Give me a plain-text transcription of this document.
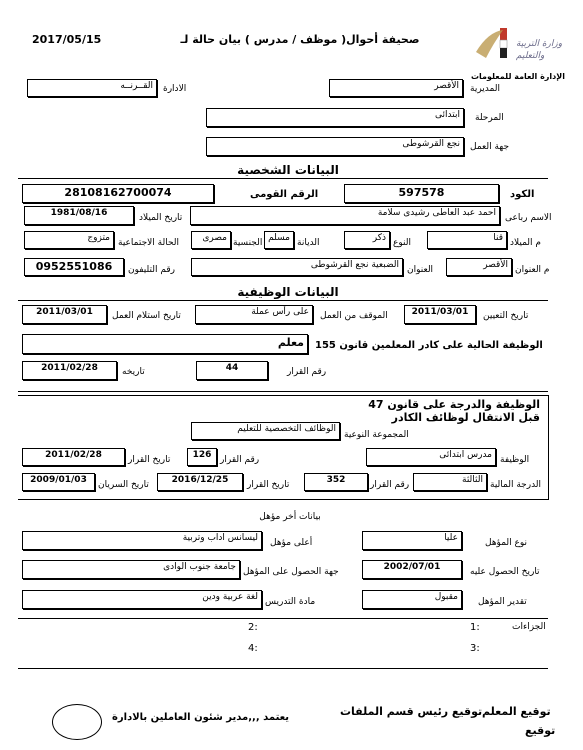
2017/05/15	صحيفة أحوال( موظف / مدرس ) بيان حالة لـ	وزارة التربية
والتعليم
الإدارة العامة للمعلومات
المديرية
الأقصر
الادارة
القــرنــه
المرحلة
ابتدائى
جهة العمل
نجع القرشوطى
البيانات الشخصية
الكود
597578
الرقم القومى
28108162700074
الاسم رباعى
احمد عبد العاطى رشيدى سلامة
تاريخ الميلاد
1981/08/16
م الميلاد
قنا
النوع
ذكر
الديانة
مسلم
الجنسية
مصرى
الحالة الاجتماعية
متزوج
م العنوان
الأقصر
العنوان
الضبعية نجع القرشوطى
رقم التليفون
0952551086
البيانات الوظيفية
تاريخ التعيين
2011/03/01
الموقف من العمل
على رأس عملة
تاريخ استلام العمل
2011/03/01
الوظيفة الحالية على كادر المعلمين قانون 155
معلم
رقم القرار
44
تاريخه
2011/02/28
الوظيفة والدرجة على قانون 47
قبل الانتقال لوظائف الكادر
المجموعة النوعية
الوظائف التخصصية للتعليم
الوظيفة
مدرس ابتدائى
رقم القرار
126
تاريخ القرار
2011/02/28
الدرجة المالية
الثالثة
رقم القرار
352
تاريخ القرار
2016/12/25
تاريخ السريان
2009/01/03
بيانات أخر مؤهل
نوع المؤهل
عليا
أعلى مؤهل
ليسانس اداب وتربية
تاريخ الحصول عليه
2002/07/01
جهة الحصول على المؤهل
جامعة جنوب الوادى
تقدير المؤهل
مقبول
مادة التدريس
لغة عربية ودين
الجزاءات
1:
2:
3:
4:
توقيع المعلم
توقيع
توقيع رئيس قسم الملفات
يعتمد ,,,مدير شئون العاملين بالادارة
